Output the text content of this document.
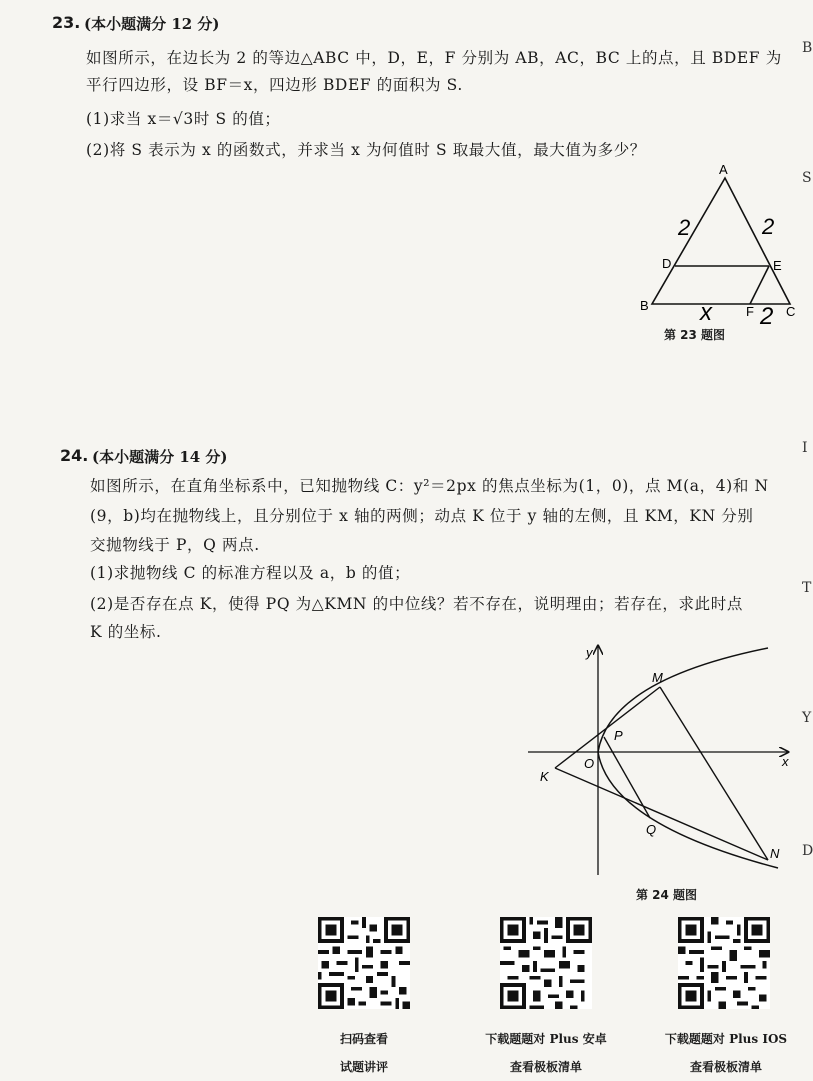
23. (本小题满分 12 分)
如图所示，在边长为 2 的等边△ABC 中，D，E，F 分别为 AB，AC，BC 上的点，且 BDEF 为
平行四边形，设 BF＝x，四边形 BDEF 的面积为 S.
(1)求当 x＝√3时 S 的值；
(2)将 S 表示为 x 的函数式，并求当 x 为何值时 S 取最大值，最大值为多少？
A
B	C
D	E
F
2	2
x 2
第 23 题图
24. (本小题满分 14 分)
如图所示，在直角坐标系中，已知抛物线 C：y²＝2px 的焦点坐标为(1，0)，点 M(a，4)和 N
(9，b)均在抛物线上，且分别位于 x 轴的两侧；动点 K 位于 y 轴的左侧，且 KM，KN 分别
交抛物线于 P，Q 两点.
(1)求抛物线 C 的标准方程以及 a，b 的值；
(2)是否存在点 K，使得 PQ 为△KMN 的中位线？若不存在，说明理由；若存在，求此时点
K 的坐标.
y
x
O
M
N
P
Q
K
第 24 题图
扫码查看
试题讲评
下载题题对 Plus 安卓
查看极板清单
下载题题对 Plus IOS
查看极板清单
B
S
I
T
Y
D
